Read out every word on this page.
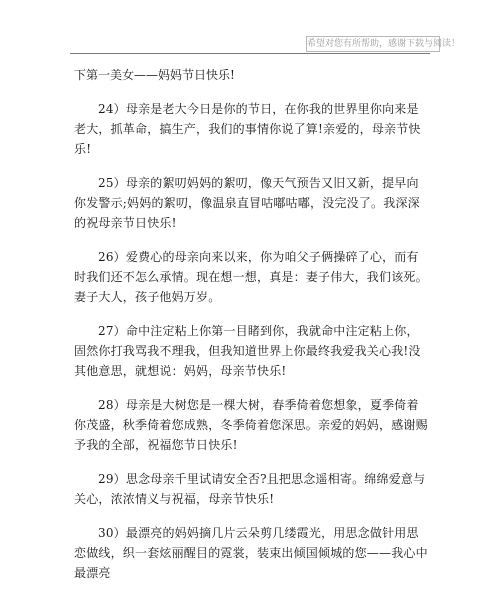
希望对您有所帮助，感谢下载与阅读！

下第一美女——妈妈节日快乐!

24）母亲是老大今日是你的节日，在你我的世界里你向来是老大，抓革命，搞生产，我们的事情你说了算!亲爱的，母亲节快乐!

25）母亲的絮叨妈妈的絮叨，像天气预告又旧又新，提早向你发警示;妈妈的絮叨，像温泉直冒咕嘟咕嘟，没完没了。我深深的祝母亲节日快乐!

26）爱费心的母亲向来以来，你为咱父子俩操碎了心，而有时我们还不怎么承情。现在想一想，真是：妻子伟大，我们该死。妻子大人，孩子他妈万岁。

27）命中注定粘上你第一目睹到你，我就命中注定粘上你，固然你打我骂我不理我，但我知道世界上你最终我爱我关心我!没其他意思，就想说：妈妈，母亲节快乐!

28）母亲是大树您是一棵大树，春季倚着您想象，夏季倚着你茂盛，秋季倚着您成熟，冬季倚着您深思。亲爱的妈妈，感谢赐予我的全部，祝福您节日快乐!

29）思念母亲千里试请安全否?且把思念遥相寄。绵绵爱意与关心，浓浓情义与祝福，母亲节快乐!

30）最漂亮的妈妈摘几片云朵剪几缕霞光，用思念做针用思恋做线，织一套炫丽醒目的霓裳，装束出倾国倾城的您——我心中最漂亮
